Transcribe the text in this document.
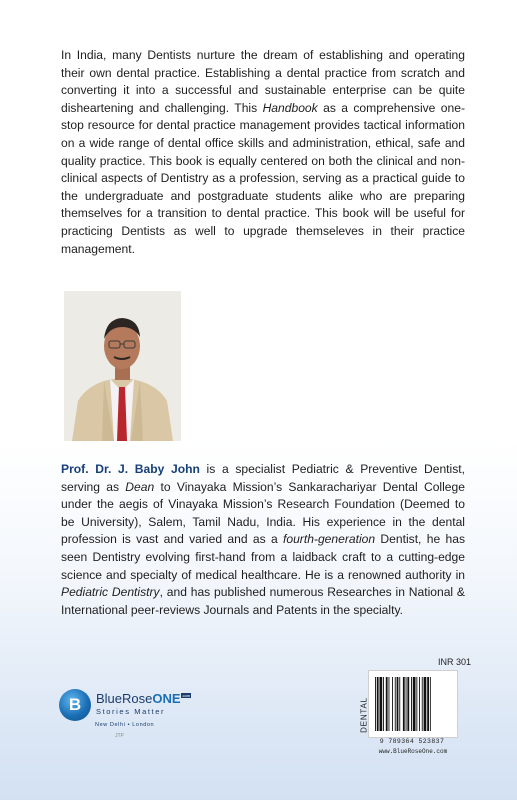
In India, many Dentists nurture the dream of establishing and operating their own dental practice. Establishing a dental practice from scratch and converting it into a successful and sustainable enterprise can be quite disheartening and challenging. This Handbook as a comprehensive one-stop resource for dental practice management provides tactical information on a wide range of dental office skills and administration, ethical, safe and quality practice. This book is equally centered on both the clinical and non-clinical aspects of Dentistry as a profession, serving as a practical guide to the undergraduate and postgraduate students alike who are preparing themselves for a transition to dental practice. This book will be useful for practicing Dentists as well to upgrade themseleves in their practice management.
Prof. Dr. J. Baby John is a specialist Pediatric & Preventive Dentist, serving as Dean to Vinayaka Mission’s Sankarachariyar Dental College under the aegis of Vinayaka Mission’s Research Foundation (Deemed to be University), Salem, Tamil Nadu, India. His experience in the dental profession is vast and varied and as a fourth-generation Dentist, he has seen Dentistry evolving first-hand from a laidback craft to a cutting-edge science and specialty of medical healthcare. He is a renowned authority in Pediatric Dentistry, and has published numerous Researches in National & International peer-reviews Journals and Patents in the specialty.
INR 301
DENTAL
9 789364 523837
www.BlueRoseOne.com
B	BlueRoseONE$^{.com}$
Stories Matter
New Delhi • London
JTP
